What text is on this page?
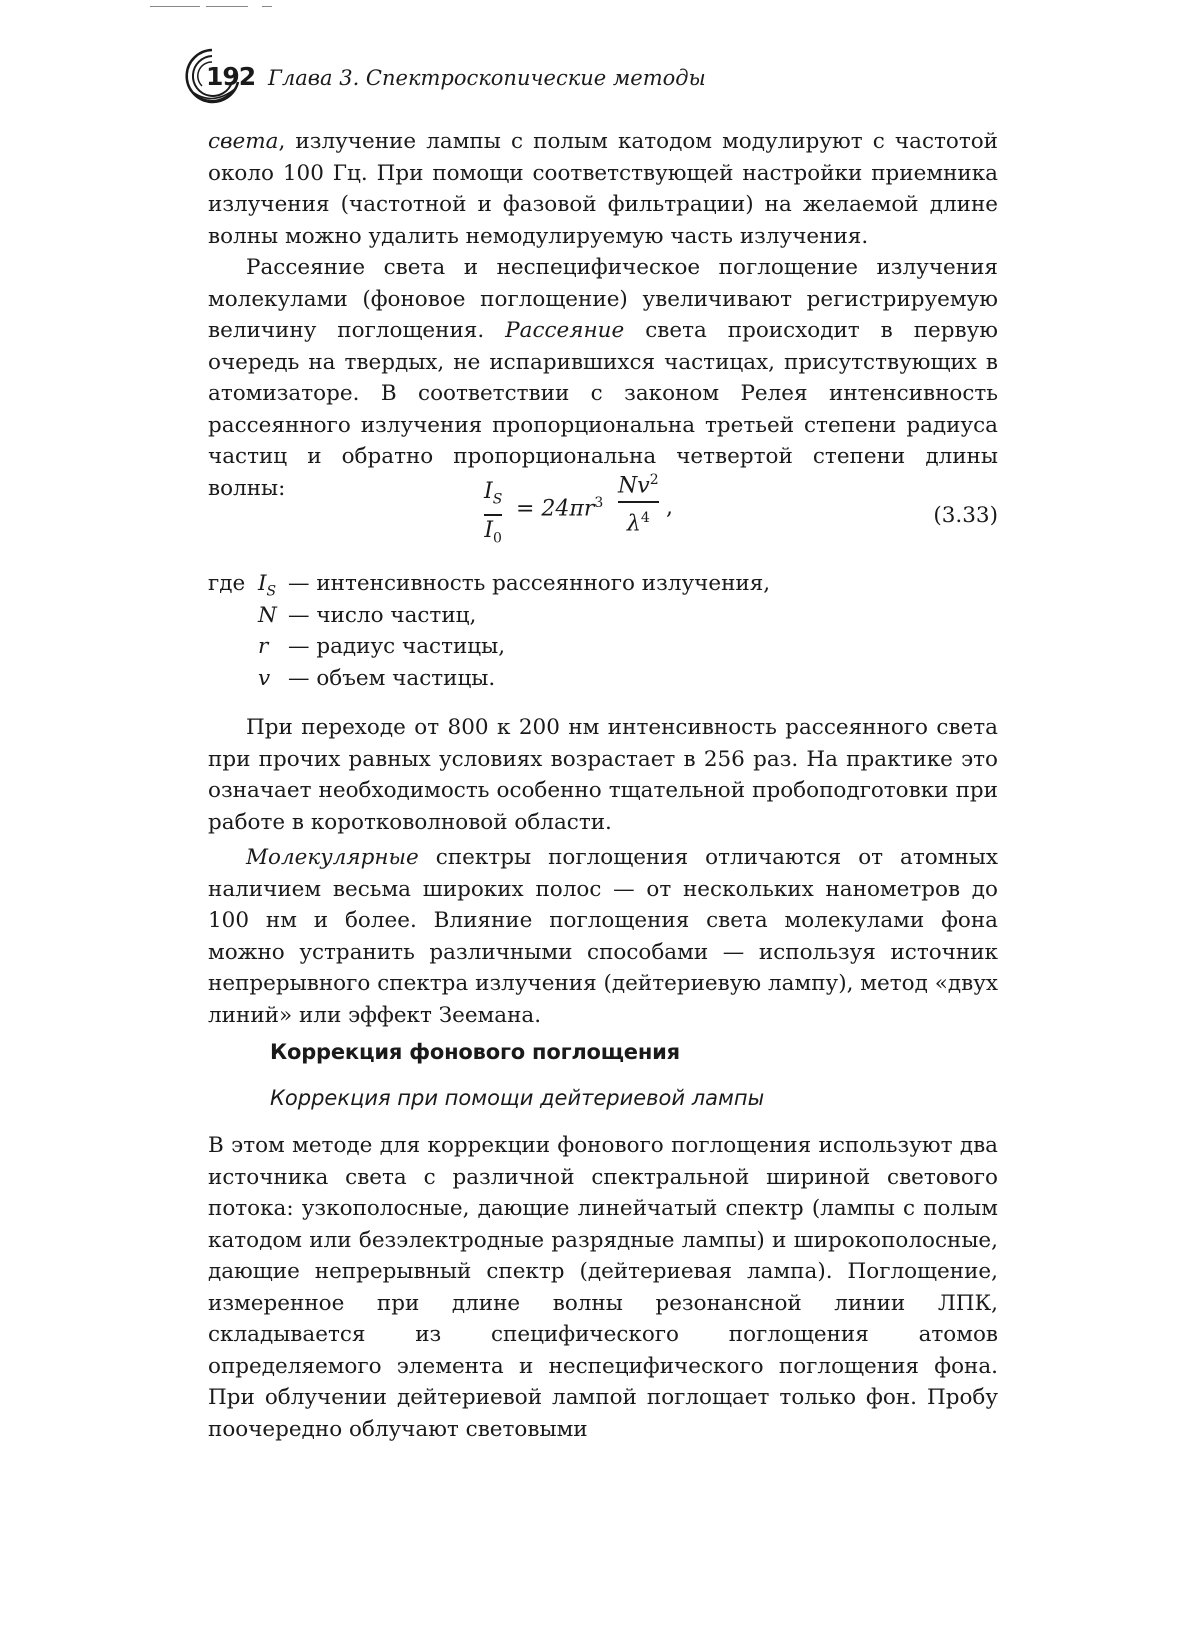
192 Глава 3. Спектроскопические методы

света, излучение лампы с полым катодом модулируют с частотой около 100 Гц. При помощи соответствующей настройки приемника излучения (частотной и фазовой фильтрации) на желаемой длине волны можно удалить немодулируемую часть излучения.

Рассеяние света и неспецифическое поглощение излучения молекулами (фоновое поглощение) увеличивают регистрируемую величину поглощения. Рассеяние света происходит в первую очередь на твердых, не испарившихся частицах, присутствующих в атомизаторе. В соответствии с законом Релея интенсивность рассеянного излучения пропорциональна третьей степени радиуса частиц и обратно пропорциональна четвертой степени длины волны:	$I_S$
$I_0$
= $24\pi r^3$
Nv$^2$
$\lambda^4$ ,	(3.33)
где $I_S$ — интенсивность рассеянного излучения,
N — число частиц,
r — радиус частицы,
v — объем частицы.

При переходе от 800 к 200 нм интенсивность рассеянного света при прочих равных условиях возрастает в 256 раз. На практике это означает необходимость особенно тщательной пробоподготовки при работе в коротковолновой области.

Молекулярные спектры поглощения отличаются от атомных наличием весьма широких полос — от нескольких нанометров до 100 нм и более. Влияние поглощения света молекулами фона можно устранить различными способами — используя источник непрерывного спектра излучения (дейтериевую лампу), метод «двух линий» или эффект Зеемана.

Коррекция фонового поглощения
Коррекция при помощи дейтериевой лампы

В этом методе для коррекции фонового поглощения используют два источника света с различной спектральной шириной светового потока: узкополосные, дающие линейчатый спектр (лампы с полым катодом или безэлектродные разрядные лампы) и широкополосные, дающие непрерывный спектр (дейтериевая лампа). Поглощение, измеренное при длине волны резонансной линии ЛПК, складывается из специфического поглощения атомов определяемого элемента и неспецифического поглощения фона. При облучении дейтериевой лампой поглощает только фон. Пробу поочередно облучают световыми
